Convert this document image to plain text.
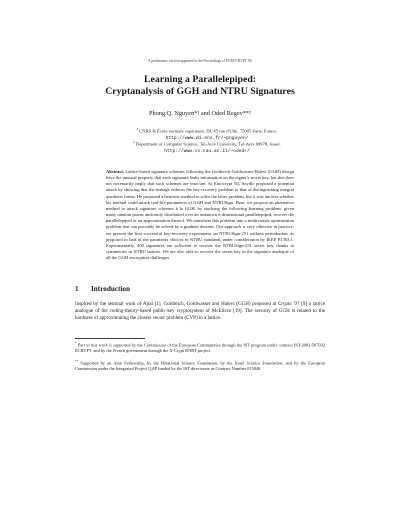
A preliminary version appeared in the Proceedings of EUROCRYPT '06
Learning a Parallelepiped:
Cryptanalysis of GGH and NTRU Signatures
Phong Q. Nguyen*¹ and Oded Regev**²
$^1$ CNRS & École normale supérieure, DI, 45 rue d'Ulm, 75005 Paris, France.
http://www.di.ens.fr/~pnguyen/
$^2$ Department of Computer Science, Tel-Aviv University, Tel-Aviv 69978, Israel.
http://www.cs.tau.ac.il/~odedr/
Abstract. Lattice-based signature schemes following the Goldreich-Goldwasser-Halevi (GGH) design have the unusual property that each signature leaks information on the signer's secret key, but this does not necessarily imply that such schemes are insecure. At Eurocrypt '03, Szydlo proposed a potential attack by showing that the leakage reduces the key-recovery problem to that of distinguishing integral quadratic forms. He proposed a heuristic method to solve the latter problem, but it was unclear whether his method could attack real-life parameters of GGH and NTRUSign. Here, we propose an alternative method to attack signature schemes à la GGH, by studying the following learning problem: given many random points uniformly distributed over an unknown n-dimensional parallelepiped, recover the parallelepiped or an approximation thereof. We transform this problem into a multivariate optimization problem that can provably be solved by a gradient descent. Our approach is very effective in practice: we present the first successful key-recovery experiments on NTRUSign-251 without perturbation, as proposed in half of the parameter choices in NTRU standards under consideration by IEEE P1363.1. Experimentally, 400 signatures are sufficient to recover the NTRUSign-251 secret key, thanks to symmetries in NTRU lattices. We are also able to recover the secret key in the signature analogue of all the GGH encryption challenges.
1 Introduction
Inspired by the seminal work of Ajtai [1], Goldreich, Goldwasser and Halevi (GGH) proposed at Crypto '97 [9] a lattice analogue of the coding-theory-based public-key cryptosystem of McEliece [19]. The security of GGH is related to the hardness of approximating the closest vector problem (CVP) in a lattice.
* Part of this work is supported by the Commission of the European Communities through the IST program under contract IST-2002-507932 ECRYPT, and by the French government through the X-Crypt RNRT project.
** Supported by an Alon Fellowship, by the Binational Science Foundation, by the Israel Science Foundation, and by the European Commission under the Integrated Project QAP funded by the IST directorate as Contract Number 015848.
